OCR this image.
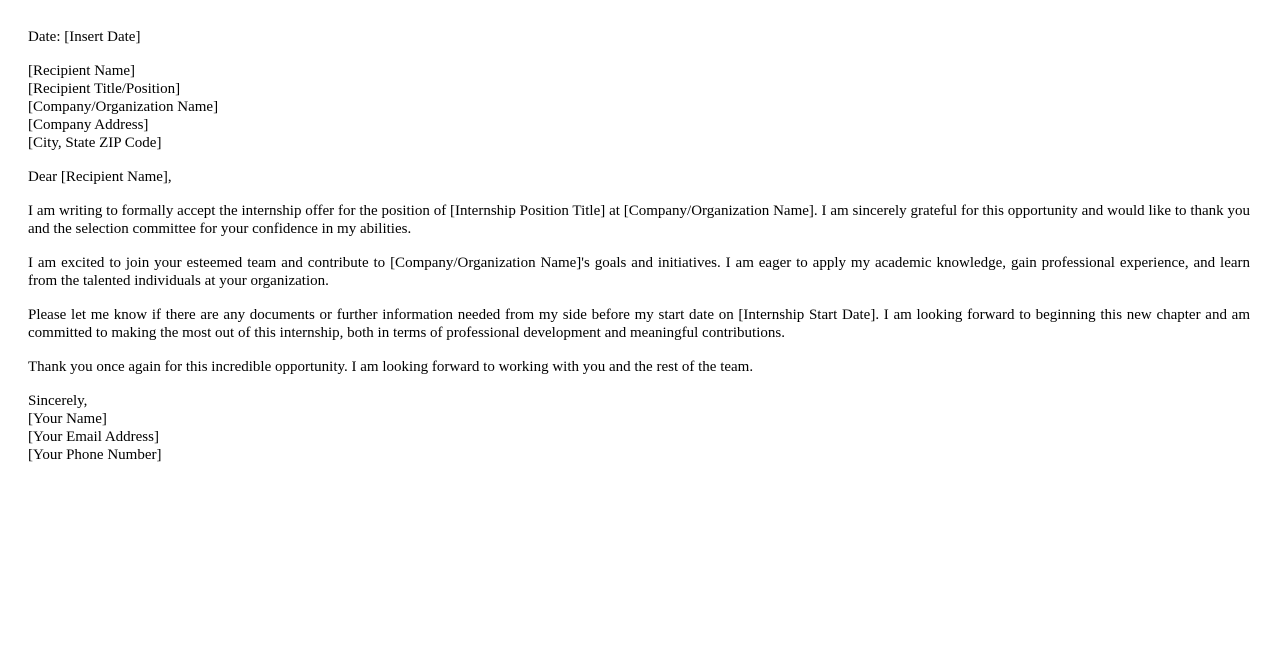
Date: [Insert Date]
[Recipient Name]
[Recipient Title/Position]
[Company/Organization Name]
[Company Address]
[City, State ZIP Code]
Dear [Recipient Name],

I am writing to formally accept the internship offer for the position of [Internship Position Title] at [Company/Organization Name]. I am sincerely grateful for this opportunity and would like to thank you and the selection committee for your confidence in my abilities.

I am excited to join your esteemed team and contribute to [Company/Organization Name]'s goals and initiatives. I am eager to apply my academic knowledge, gain professional experience, and learn from the talented individuals at your organization.

Please let me know if there are any documents or further information needed from my side before my start date on [Internship Start Date]. I am looking forward to beginning this new chapter and am committed to making the most out of this internship, both in terms of professional development and meaningful contributions.

Thank you once again for this incredible opportunity. I am looking forward to working with you and the rest of the team.

Sincerely,
[Your Name]
[Your Email Address]
[Your Phone Number]
